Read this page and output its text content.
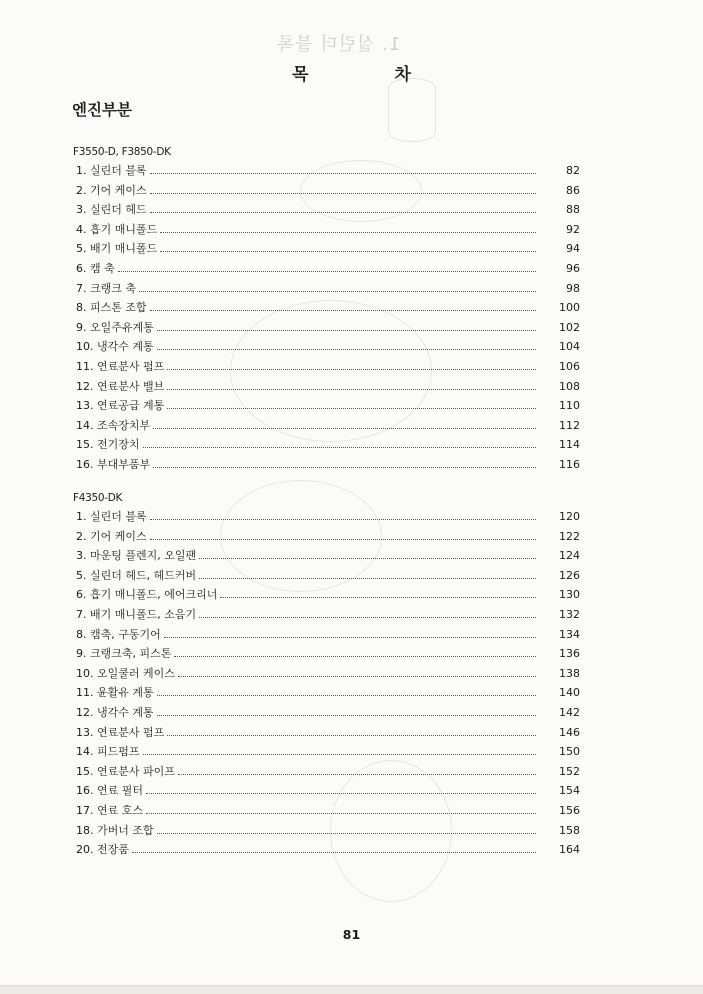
1. 실린더 블록
목 차
엔진부분
F3550-D, F3850-DK
1. 실린더 블록	82
2. 기어 케이스	86
3. 실린더 헤드	88
4. 흡기 매니폴드	92
5. 배기 매니폴드	94
6. 캠 축	96
7. 크랭크 축	98
8. 피스톤 조합	100
9. 오일주유계통	102
10. 냉각수 계통	104
11. 연료분사 펌프	106
12. 연료분사 밸브	108
13. 연료공급 계통	110
14. 조속장치부	112
15. 전기장치	114
16. 부대부품부	116
F4350-DK
1. 실린더 블록	120
2. 기어 케이스	122
3. 마운팅 플렌지, 오일팬	124
5. 실린더 헤드, 헤드커버	126
6. 흡기 매니폴드, 에어크리너	130
7. 배기 매니폴드, 소음기	132
8. 캠축, 구동기어	134
9. 크랭크축, 피스톤	136
10. 오일쿨러 케이스	138
11. 윤활유 계통	140
12. 냉각수 계통	142
13. 연료분사 펌프	146
14. 피드펌프	150
15. 연료분사 파이프	152
16. 연료 필터	154
17. 연료 호스	156
18. 가버너 조합	158
20. 전장품	164
81
